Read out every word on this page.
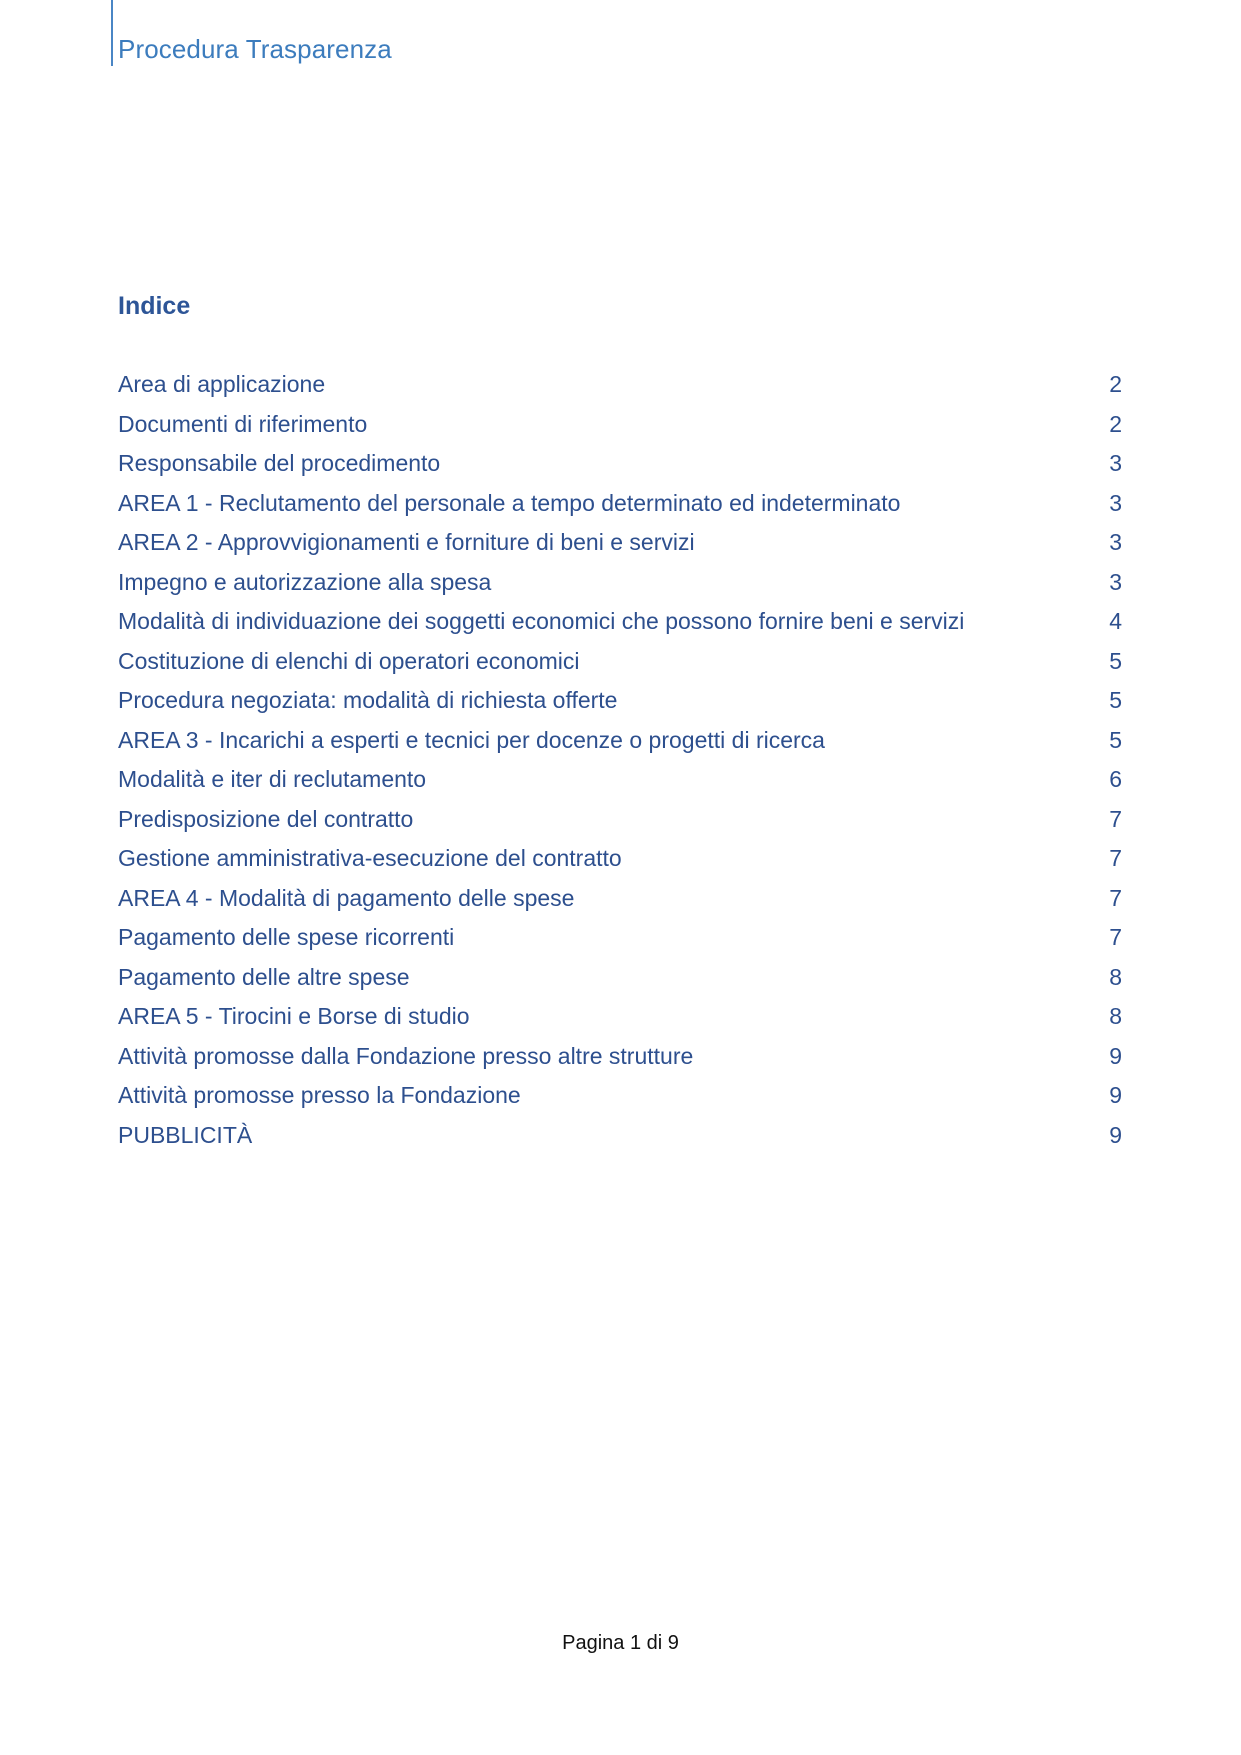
Procedura Trasparenza
Indice
Area di applicazione	2
Documenti di riferimento	2
Responsabile del procedimento	3
AREA 1 - Reclutamento del personale a tempo determinato ed indeterminato	3
AREA 2 - Approvvigionamenti e forniture di beni e servizi	3
Impegno e autorizzazione alla spesa	3
Modalità di individuazione dei soggetti economici che possono fornire beni e servizi	4
Costituzione di elenchi di operatori economici	5
Procedura negoziata: modalità di richiesta offerte	5
AREA 3 - Incarichi a esperti e tecnici per docenze o progetti di ricerca	5
Modalità e iter di reclutamento	6
Predisposizione del contratto	7
Gestione amministrativa-esecuzione del contratto	7
AREA 4 - Modalità di pagamento delle spese	7
Pagamento delle spese ricorrenti	7
Pagamento delle altre spese	8
AREA 5 - Tirocini e Borse di studio	8
Attività promosse dalla Fondazione presso altre strutture	9
Attività promosse presso la Fondazione	9
PUBBLICITÀ	9
Pagina 1 di 9
